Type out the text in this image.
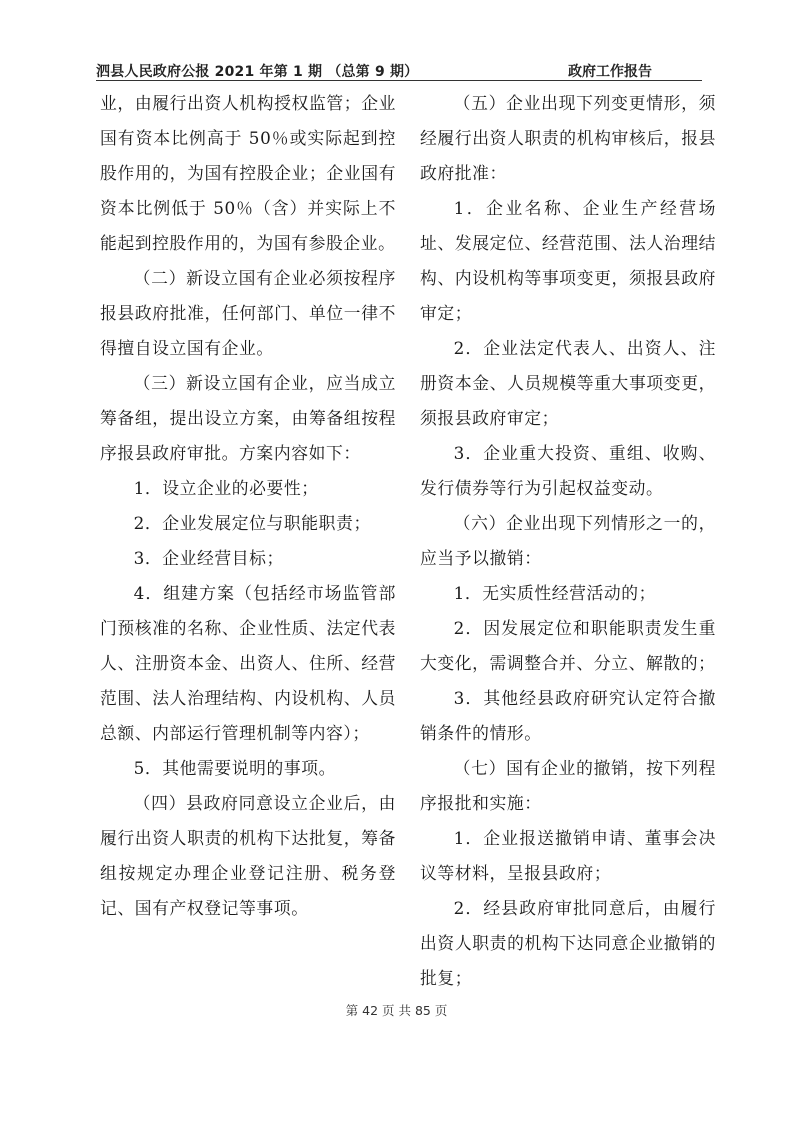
泗县人民政府公报 2021 年第 1 期 （总第 9 期）	政府工作报告

业，由履行出资人机构授权监管；企业国有资本比例高于 50％或实际起到控股作用的，为国有控股企业；企业国有资本比例低于 50％（含）并实际上不能起到控股作用的，为国有参股企业。

（二）新设立国有企业必须按程序报县政府批准，任何部门、单位一律不得擅自设立国有企业。

（三）新设立国有企业，应当成立筹备组，提出设立方案，由筹备组按程序报县政府审批。方案内容如下：

1．设立企业的必要性；

2．企业发展定位与职能职责；

3．企业经营目标；

4．组建方案（包括经市场监管部门预核准的名称、企业性质、法定代表人、注册资本金、出资人、住所、经营范围、法人治理结构、内设机构、人员总额、内部运行管理机制等内容）；

5．其他需要说明的事项。

（四）县政府同意设立企业后，由履行出资人职责的机构下达批复，筹备组按规定办理企业登记注册、税务登记、国有产权登记等事项。

（五）企业出现下列变更情形，须经履行出资人职责的机构审核后，报县政府批准：

1．企业名称、企业生产经营场址、发展定位、经营范围、法人治理结构、内设机构等事项变更，须报县政府审定；

2．企业法定代表人、出资人、注册资本金、人员规模等重大事项变更，须报县政府审定；

3．企业重大投资、重组、收购、发行债券等行为引起权益变动。

（六）企业出现下列情形之一的，应当予以撤销：

1．无实质性经营活动的；

2．因发展定位和职能职责发生重大变化，需调整合并、分立、解散的；

3．其他经县政府研究认定符合撤销条件的情形。

（七）国有企业的撤销，按下列程序报批和实施：

1．企业报送撤销申请、董事会决议等材料，呈报县政府；

2．经县政府审批同意后，由履行出资人职责的机构下达同意企业撤销的批复；

第 42 页 共 85 页
